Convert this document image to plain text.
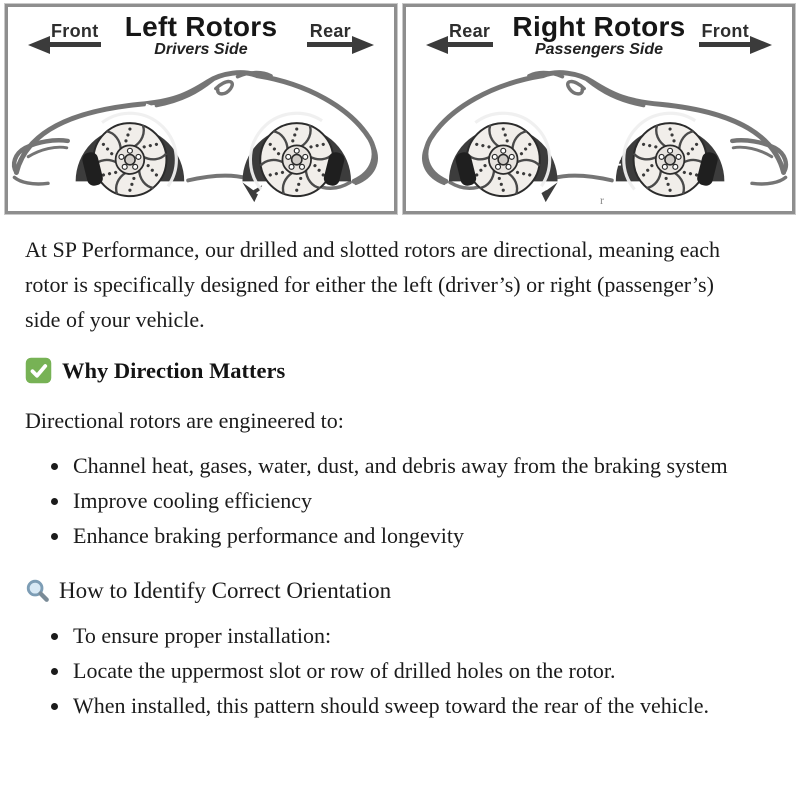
Front Left Rotors
Drivers Side
Rear
Rotation	Rotation
Rear Right Rotors
Passengers Side
Front
Rotation
Rotation
r

At SP Performance, our drilled and slotted rotors are directional, meaning each rotor is specifically designed for either the left (driver’s) or right (passenger’s) side of your vehicle.

Why Direction Matters

Directional rotors are engineered to:

• Channel heat, gases, water, dust, and debris away from the braking system
• Improve cooling efficiency
• Enhance braking performance and longevity
How to Identify Correct Orientation
• To ensure proper installation:
• Locate the uppermost slot or row of drilled holes on the rotor.
• When installed, this pattern should sweep toward the rear of the vehicle.
